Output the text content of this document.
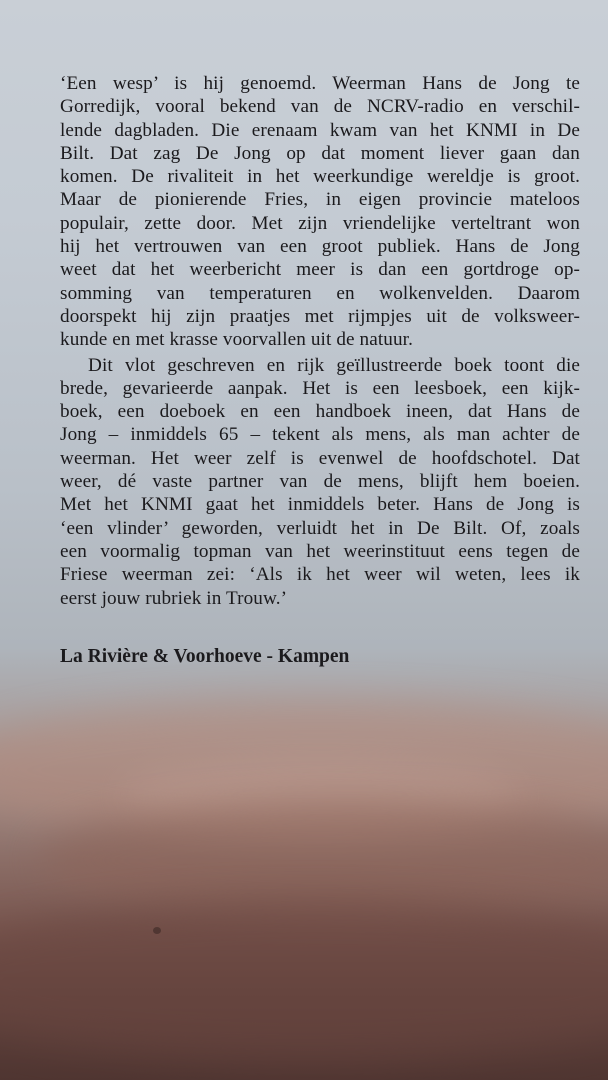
‘Een wesp’ is hij genoemd. Weerman Hans de Jong te
Gorredijk, vooral bekend van de NCRV-radio en verschil-
lende dagbladen. Die erenaam kwam van het KNMI in De
Bilt. Dat zag De Jong op dat moment liever gaan dan
komen. De rivaliteit in het weerkundige wereldje is groot.
Maar de pionierende Fries, in eigen provincie mateloos
populair, zette door. Met zijn vriendelijke verteltrant won
hij het vertrouwen van een groot publiek. Hans de Jong
weet dat het weerbericht meer is dan een gortdroge op-
somming van temperaturen en wolkenvelden. Daarom
doorspekt hij zijn praatjes met rijmpjes uit de volksweer-
kunde en met krasse voorvallen uit de natuur.
Dit vlot geschreven en rijk geïllustreerde boek toont die
brede, gevarieerde aanpak. Het is een leesboek, een kijk-
boek, een doeboek en een handboek ineen, dat Hans de
Jong – inmiddels 65 – tekent als mens, als man achter de
weerman. Het weer zelf is evenwel de hoofdschotel. Dat
weer, dé vaste partner van de mens, blijft hem boeien.
Met het KNMI gaat het inmiddels beter. Hans de Jong is
‘een vlinder’ geworden, verluidt het in De Bilt. Of, zoals
een voormalig topman van het weerinstituut eens tegen de
Friese weerman zei: ‘Als ik het weer wil weten, lees ik
eerst jouw rubriek in Trouw.’
La Rivière & Voorhoeve - Kampen
